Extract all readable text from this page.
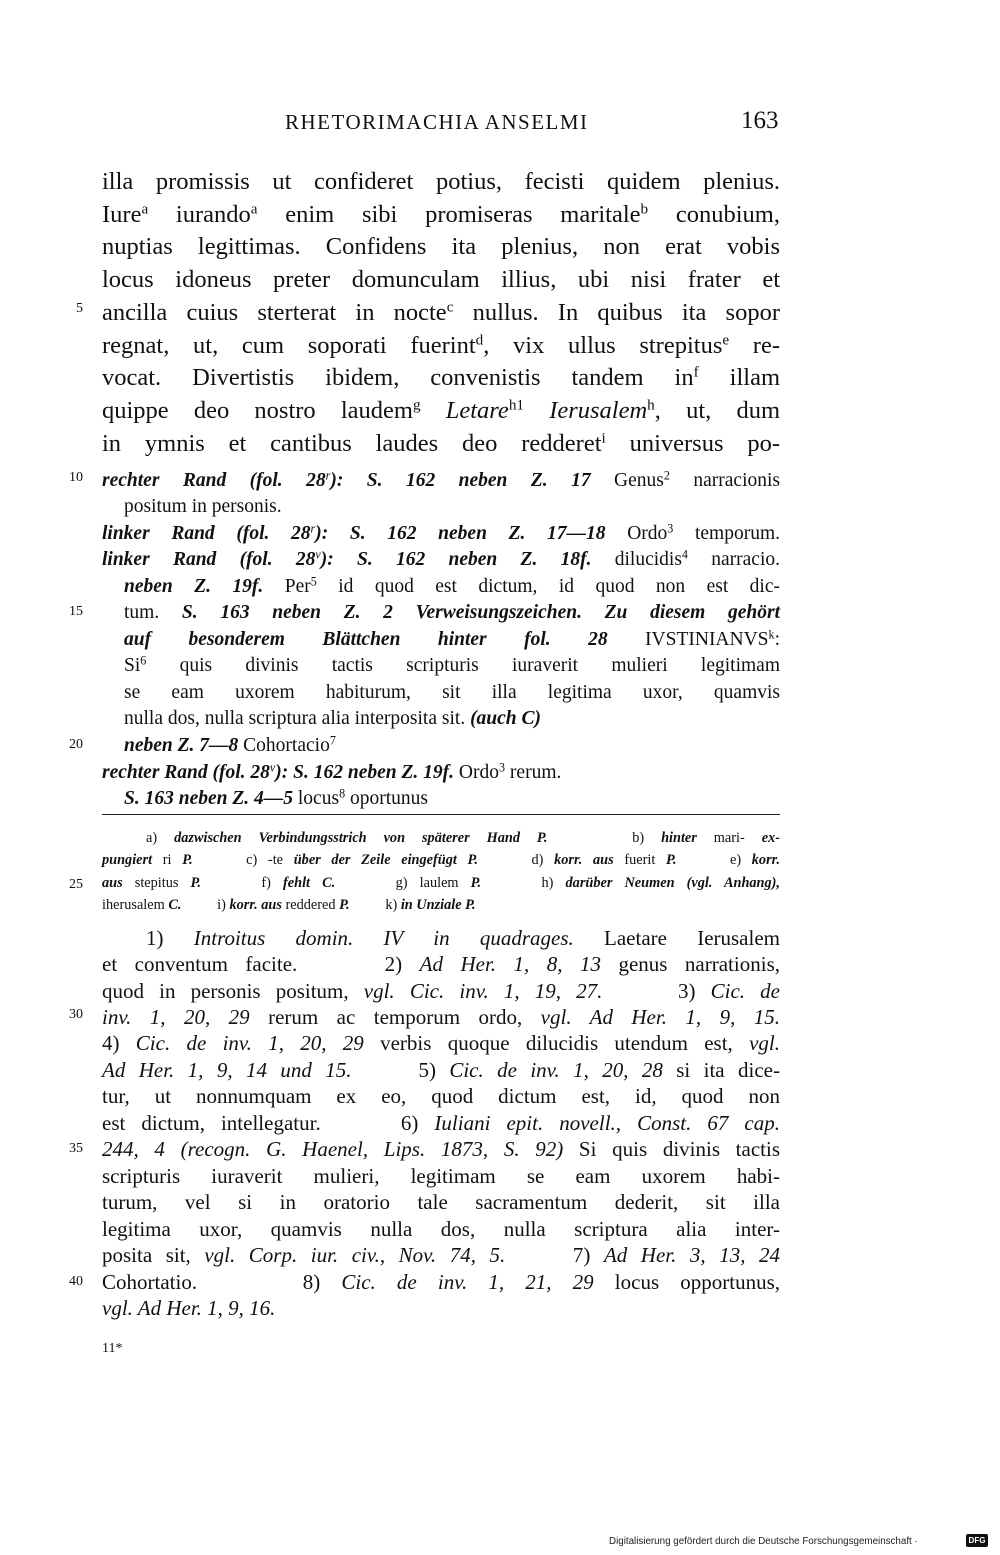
RHETORIMACHIA ANSELMI	163
5
10
15
20
25
30
35
40
illa promissis ut confideret potius, fecisti quidem plenius.
Iure$^a$ iurando$^a$ enim sibi promiseras maritale$^b$ conubium,
nuptias legittimas. Confidens ita plenius, non erat vobis
locus idoneus preter domunculam illius, ubi nisi frater et
ancilla cuius sterterat in nocte$^c$ nullus. In quibus ita sopor
regnat, ut, cum soporati fuerint$^d$, vix ullus strepitus$^e$ re-
vocat. Divertistis ibidem, convenistis tandem $in^f$ illam
quippe deo nostro laudem$^g$ Letare$^{h1}$ Ierusalem$^h$, ut, dum
in ymnis et cantibus laudes deo redderet$^i$ universus po-
rechter Rand (fol. 28$^r$): S. 162 neben Z. 17 Genus$^2$ narracionis
positum in personis.
linker Rand (fol. 28$^r$): S. 162 neben Z. 17—18 Ordo$^3$ temporum.
linker Rand (fol. 28$^v$): S. 162 neben Z. 18f. dilucidis$^4$ narracio.
neben Z. 19f. Per$^5$ id quod est dictum, id quod non est dic-
tum. S. 163 neben Z. 2 Verweisungszeichen. Zu diesem gehört
auf besonderem Blättchen hinter fol. 28 IVSTINIANVS$^k$:
Si$^6$ quis divinis tactis scripturis iuraverit mulieri legitimam
se eam uxorem habiturum, sit illa legitima uxor, quamvis
nulla dos, nulla scriptura alia interposita sit. (auch C)
neben Z. 7—8 Cohortacio$^7$
rechter Rand (fol. 28$^v$): S. 162 neben Z. 19f. Ordo$^3$ rerum.
S. 163 neben Z. 4—5 locus$^8$ oportunus
a) dazwischen Verbindungsstrich von späterer Hand P.     b) hinter mari- ex-
pungiert ri P.     c) -te über der Zeile eingefügt P.     d) korr. aus fuerit P.     e) korr.
aus stepitus P.     f) fehlt C.     g) laulem P.     h) darüber Neumen (vgl. Anhang),
iherusalem C.          i) korr. aus reddered P.          k) in Unziale P.
1) Introitus domin. IV in quadrages. Laetare Ierusalem
et conventum facite.     2) Ad Her. 1, 8, 13 genus narrationis,
quod in personis positum, vgl. Cic. inv. 1, 19, 27.     3) Cic. de
inv. 1, 20, 29 rerum ac temporum ordo, vgl. Ad Her. 1, 9, 15.
4) Cic. de inv. 1, 20, 29 verbis quoque dilucidis utendum est, vgl.
Ad Her. 1, 9, 14 und 15.     5) Cic. de inv. 1, 20, 28 si ita dice-
tur, ut nonnumquam ex eo, quod dictum est, id, quod non
est dictum, intellegatur.     6) Iuliani epit. novell., Const. 67 cap.
244, 4 (recogn. G. Haenel, Lips. 1873, S. 92) Si quis divinis tactis
scripturis iuraverit mulieri, legitimam se eam uxorem habi-
turum, vel si in oratorio tale sacramentum dederit, sit illa
legitima uxor, quamvis nulla dos, nulla scriptura alia inter-
posita sit, vgl. Corp. iur. civ., Nov. 74, 5.     7) Ad Her. 3, 13, 24
Cohortatio.     8) Cic. de inv. 1, 21, 29 locus opportunus,
vgl. Ad Her. 1, 9, 16.
11*
Digitalisierung gefördert durch die Deutsche Forschungsgemeinschaft ·	DFG
